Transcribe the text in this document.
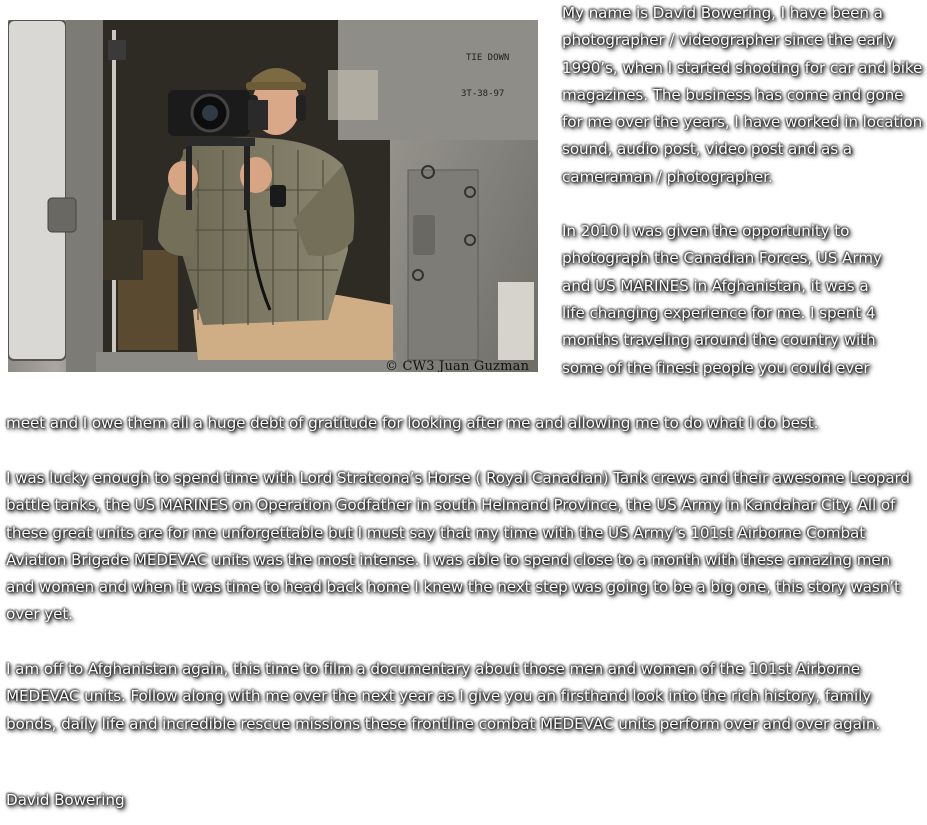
TIE DOWN
3T-38-97
© CW3 Juan Guzman

My name is David Bowering, I have been a photographer / videographer since the early 1990’s, when I started shooting for car and bike magazines. The business has come and gone for me over the years, I have worked in location sound, audio post, video post and as a cameraman / photographer.

In 2010 I was given the opportunity to
photograph the Canadian Forces, US Army
and US MARINES in Afghanistan, it was a
life changing experience for me. I spent 4
months traveling around the country with
some of the finest people you could ever
meet and I owe them all a huge debt of gratitude for looking after me and allowing me to do what I do best.
I was lucky enough to spend time with Lord Stratcona’s Horse ( Royal Canadian) Tank crews and their awesome Leopard battle tanks, the US MARINES on Operation Godfather in south Helmand Province, the US Army in Kandahar City. All of these great units are for me unforgettable but I must say that my time with the US Army’s 101st Airborne Combat Aviation Brigade MEDEVAC units was the most intense. I was able to spend close to a month with these amazing men and women and when it was time to head back home I knew the next step was going to be a big one, this story wasn’t over yet.
I am off to Afghanistan again, this time to film a documentary about those men and women of the 101st Airborne MEDEVAC units. Follow along with me over the next year as I give you an firsthand look into the rich history, family bonds, daily life and incredible rescue missions these frontline combat MEDEVAC units perform over and over again.
David Bowering
